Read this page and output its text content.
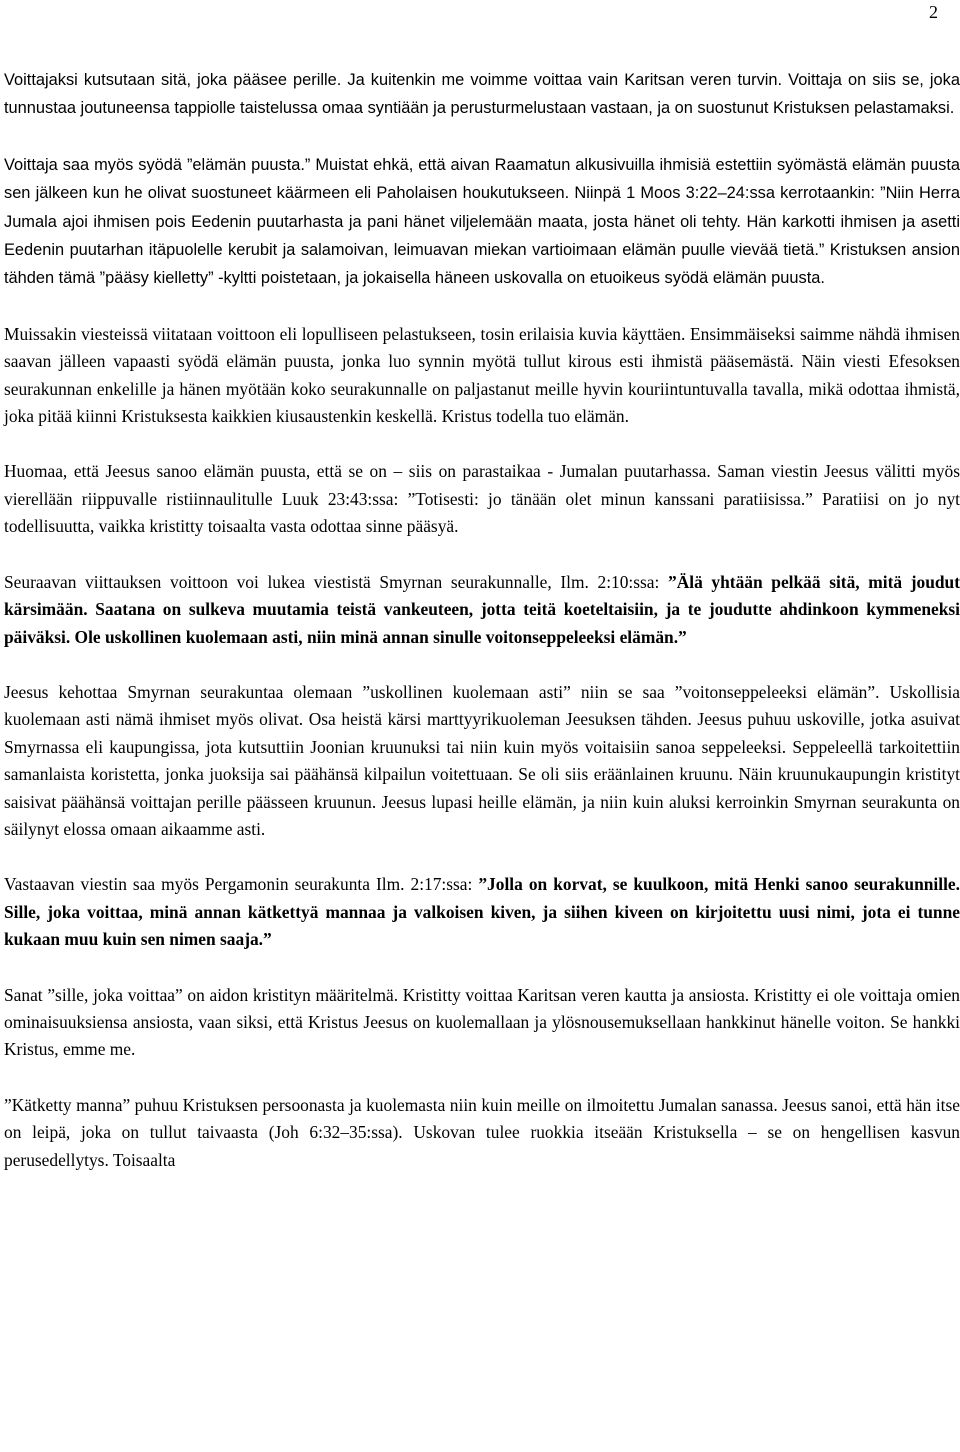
2

Voittajaksi kutsutaan sitä, joka pääsee perille. Ja kuitenkin me voimme voittaa vain Karitsan veren turvin. Voittaja on siis se, joka tunnustaa joutuneensa tappiolle taistelussa omaa syntiään ja perusturmelustaan vastaan, ja on suostunut Kristuksen pelastamaksi.

Voittaja saa myös syödä ”elämän puusta.” Muistat ehkä, että aivan Raamatun alkusivuilla ihmisiä estettiin syömästä elämän puusta sen jälkeen kun he olivat suostuneet käärmeen eli Paholaisen houkutukseen. Niinpä 1 Moos 3:22–24:ssa kerrotaankin: ”Niin Herra Jumala ajoi ihmisen pois Eedenin puutarhasta ja pani hänet viljelemään maata, josta hänet oli tehty. Hän karkotti ihmisen ja asetti Eedenin puutarhan itäpuolelle kerubit ja salamoivan, leimuavan miekan vartioimaan elämän puulle vievää tietä.” Kristuksen ansion tähden tämä ”pääsy kielletty” -kyltti poistetaan, ja jokaisella häneen uskovalla on etuoikeus syödä elämän puusta.

Muissakin viesteissä viitataan voittoon eli lopulliseen pelastukseen, tosin erilaisia kuvia käyttäen. Ensimmäiseksi saimme nähdä ihmisen saavan jälleen vapaasti syödä elämän puusta, jonka luo synnin myötä tullut kirous esti ihmistä pääsemästä. Näin viesti Efesoksen seurakunnan enkelille ja hänen myötään koko seurakunnalle on paljastanut meille hyvin kouriintuntuvalla tavalla, mikä odottaa ihmistä, joka pitää kiinni Kristuksesta kaikkien kiusaustenkin keskellä. Kristus todella tuo elämän.

Huomaa, että Jeesus sanoo elämän puusta, että se on – siis on parastaikaa - Jumalan puutarhassa. Saman viestin Jeesus välitti myös vierellään riippuvalle ristiinnaulitulle Luuk 23:43:ssa: ”Totisesti: jo tänään olet minun kanssani paratiisissa.” Paratiisi on jo nyt todellisuutta, vaikka kristitty toisaalta vasta odottaa sinne pääsyä.

Seuraavan viittauksen voittoon voi lukea viestistä Smyrnan seurakunnalle, Ilm. 2:10:ssa: ”Älä yhtään pelkää sitä, mitä joudut kärsimään. Saatana on sulkeva muutamia teistä vankeuteen, jotta teitä koeteltaisiin, ja te joudutte ahdinkoon kymmeneksi päiväksi. Ole uskollinen kuolemaan asti, niin minä annan sinulle voitonseppeleeksi elämän.”

Jeesus kehottaa Smyrnan seurakuntaa olemaan ”uskollinen kuolemaan asti” niin se saa ”voitonseppeleeksi elämän”. Uskollisia kuolemaan asti nämä ihmiset myös olivat. Osa heistä kärsi marttyyrikuoleman Jeesuksen tähden. Jeesus puhuu uskoville, jotka asuivat Smyrnassa eli kaupungissa, jota kutsuttiin Joonian kruunuksi tai niin kuin myös voitaisiin sanoa seppeleeksi. Seppeleellä tarkoitettiin samanlaista koristetta, jonka juoksija sai päähänsä kilpailun voitettuaan. Se oli siis eräänlainen kruunu. Näin kruunukaupungin kristityt saisivat päähänsä voittajan perille päässeen kruunun. Jeesus lupasi heille elämän, ja niin kuin aluksi kerroinkin Smyrnan seurakunta on säilynyt elossa omaan aikaamme asti.

Vastaavan viestin saa myös Pergamonin seurakunta Ilm. 2:17:ssa: ”Jolla on korvat, se kuulkoon, mitä Henki sanoo seurakunnille. Sille, joka voittaa, minä annan kätkettyä mannaa ja valkoisen kiven, ja siihen kiveen on kirjoitettu uusi nimi, jota ei tunne kukaan muu kuin sen nimen saaja.”

Sanat ”sille, joka voittaa” on aidon kristityn määritelmä. Kristitty voittaa Karitsan veren kautta ja ansiosta. Kristitty ei ole voittaja omien ominaisuuksiensa ansiosta, vaan siksi, että Kristus Jeesus on kuolemallaan ja ylösnousemuksellaan hankkinut hänelle voiton. Se hankki Kristus, emme me.

”Kätketty manna” puhuu Kristuksen persoonasta ja kuolemasta niin kuin meille on ilmoitettu Jumalan sanassa. Jeesus sanoi, että hän itse on leipä, joka on tullut taivaasta (Joh 6:32–35:ssa). Uskovan tulee ruokkia itseään Kristuksella – se on hengellisen kasvun perusedellytys. Toisaalta
